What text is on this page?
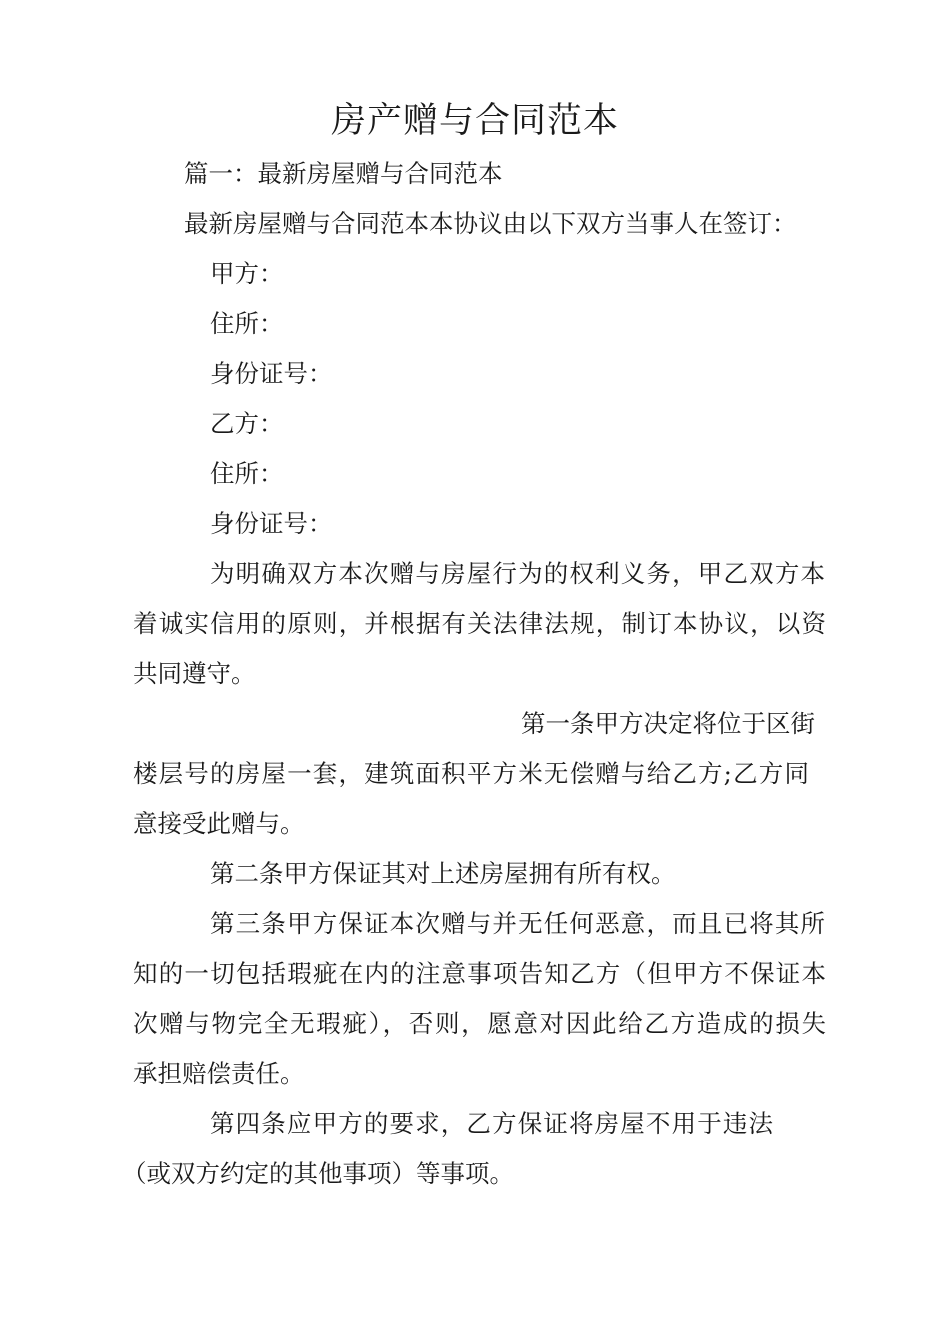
房产赠与合同范本
篇一：最新房屋赠与合同范本
最新房屋赠与合同范本本协议由以下双方当事人在签订：
甲方：
住所：
身份证号：
乙方：
住所：
身份证号：
为明确双方本次赠与房屋行为的权利义务，甲乙双方本
着诚实信用的原则，并根据有关法律法规，制订本协议，以资
共同遵守。
第一条甲方决定将位于区街
楼层号的房屋一套，建筑面积平方米无偿赠与给乙方;乙方同
意接受此赠与。
第二条甲方保证其对上述房屋拥有所有权。
第三条甲方保证本次赠与并无任何恶意，而且已将其所
知的一切包括瑕疵在内的注意事项告知乙方（但甲方不保证本
次赠与物完全无瑕疵），否则，愿意对因此给乙方造成的损失
承担赔偿责任。
第四条应甲方的要求，乙方保证将房屋不用于违法
（或双方约定的其他事项）等事项。
